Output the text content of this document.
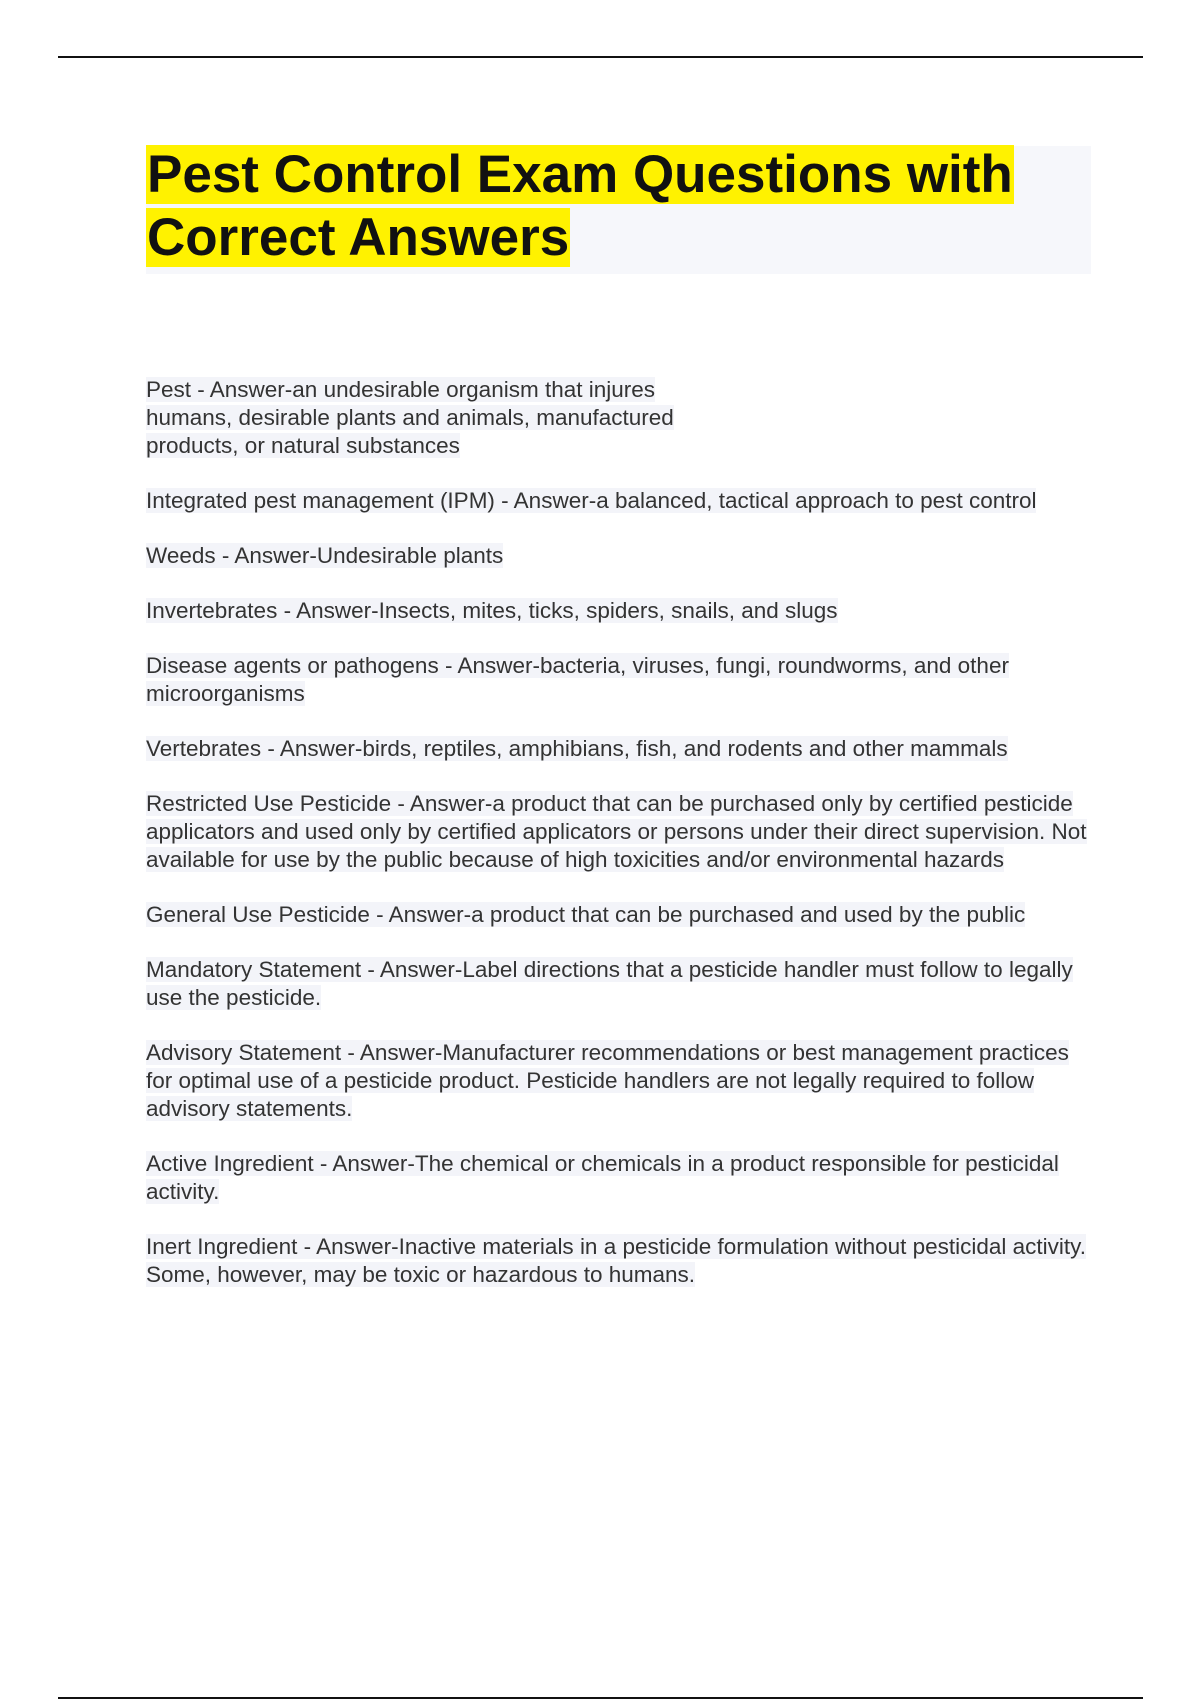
Pest Control Exam Questions with Correct Answers
Pest - Answer-an undesirable organism that injures humans, desirable plants and animals, manufactured products, or natural substances
Integrated pest management (IPM) - Answer-a balanced, tactical approach to pest control
Weeds - Answer-Undesirable plants
Invertebrates - Answer-Insects, mites, ticks, spiders, snails, and slugs
Disease agents or pathogens - Answer-bacteria, viruses, fungi, roundworms, and other microorganisms
Vertebrates - Answer-birds, reptiles, amphibians, fish, and rodents and other mammals
Restricted Use Pesticide - Answer-a product that can be purchased only by certified pesticide applicators and used only by certified applicators or persons under their direct supervision. Not available for use by the public because of high toxicities and/or environmental hazards
General Use Pesticide - Answer-a product that can be purchased and used by the public
Mandatory Statement - Answer-Label directions that a pesticide handler must follow to legally use the pesticide.
Advisory Statement - Answer-Manufacturer recommendations or best management practices for optimal use of a pesticide product. Pesticide handlers are not legally required to follow advisory statements.
Active Ingredient - Answer-The chemical or chemicals in a product responsible for pesticidal activity.
Inert Ingredient - Answer-Inactive materials in a pesticide formulation without pesticidal activity. Some, however, may be toxic or hazardous to humans.
